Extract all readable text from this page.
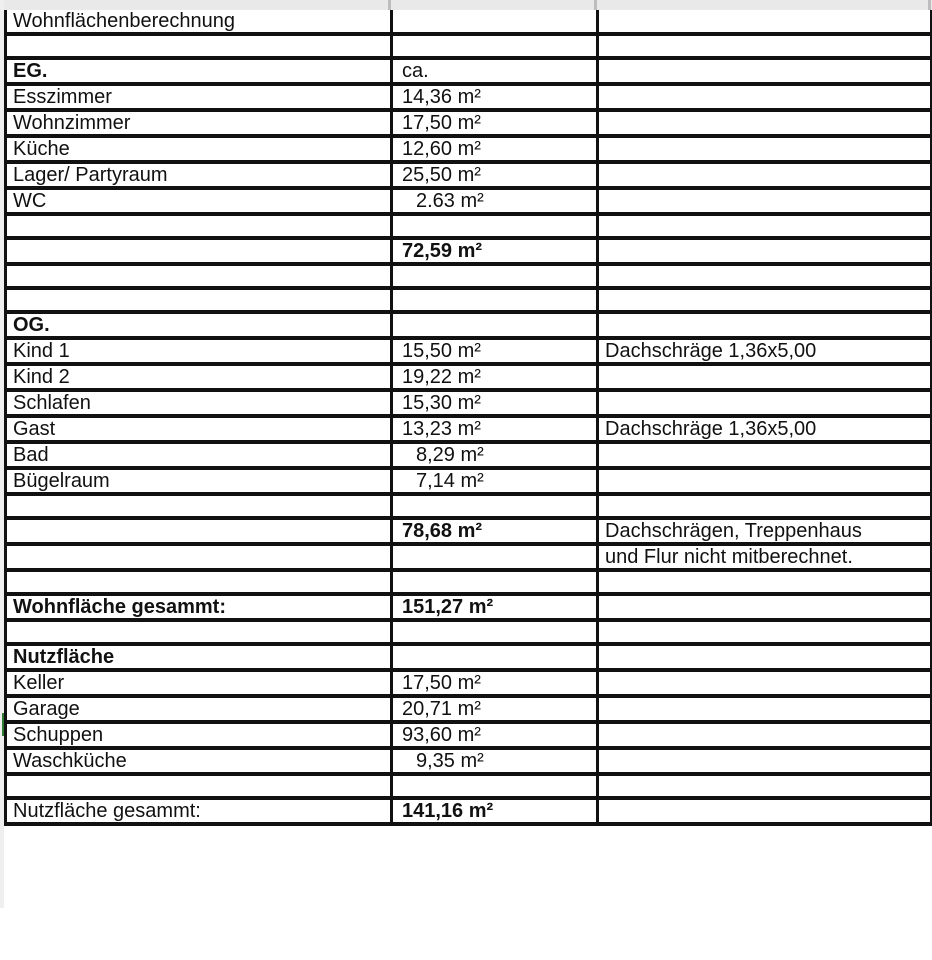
Wohnflächenberechnung		

EG.	ca.	
Esszimmer	14,36 m²	
Wohnzimmer	17,50 m²	
Küche	12,60 m²	
Lager/ Partyraum	25,50 m²	
WC	2.63 m²	

	72,59 m²	

OG.		
Kind 1	15,50 m²	Dachschräge 1,36x5,00
Kind 2	19,22 m²	
Schlafen	15,30 m²	
Gast	13,23 m²	Dachschräge 1,36x5,00
Bad	8,29 m²	
Bügelraum	7,14 m²	

	78,68 m²	Dachschrägen, Treppenhaus
		und Flur nicht mitberechnet.

Wohnfläche gesammt:	151,27 m²	

Nutzfläche		
Keller	17,50 m²	
Garage	20,71 m²	
Schuppen	93,60 m²	
Waschküche	9,35 m²	

Nutzfläche gesammt:	141,16 m²	
